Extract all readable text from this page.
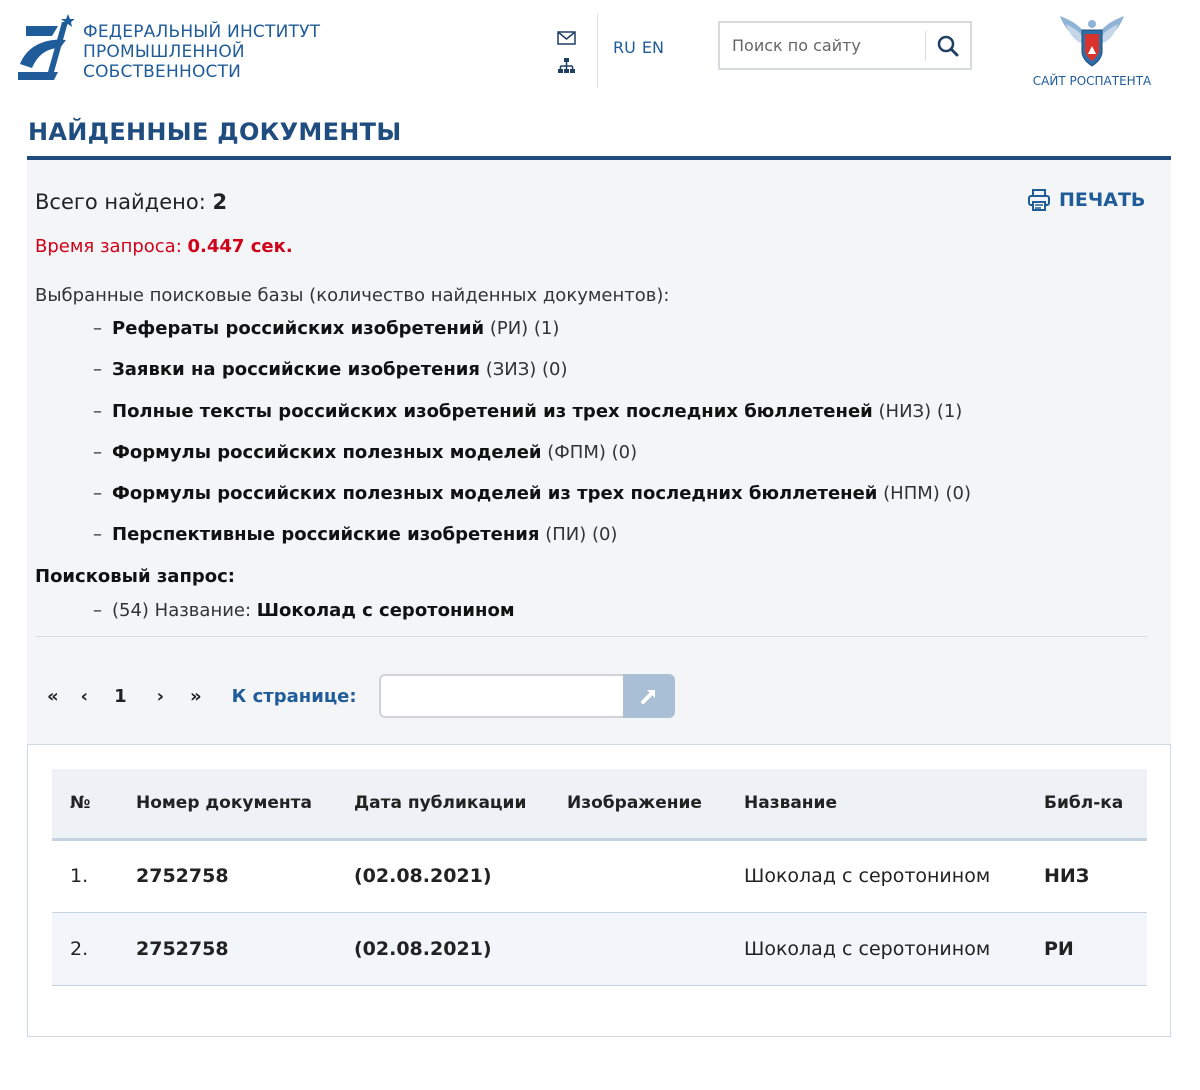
ФЕДЕРАЛЬНЫЙ ИНСТИТУТ
ПРОМЫШЛЕННОЙ
СОБСТВЕННОСТИ
RU EN
Поиск по сайту
САЙТ РОСПАТЕНТА
НАЙДЕННЫЕ ДОКУМЕНТЫ
Всего найдено: 2	ПЕЧАТЬ
Время запроса: 0.447 сек.
Выбранные поисковые базы (количество найденных документов):
– Рефераты российских изобретений (РИ) (1)
– Заявки на российские изобретения (ЗИЗ) (0)
– Полные тексты российских изобретений из трех последних бюллетеней (НИЗ) (1)
– Формулы российских полезных моделей (ФПМ) (0)
– Формулы российских полезных моделей из трех последних бюллетеней (НПМ) (0)
– Перспективные российские изобретения (ПИ) (0)
Поисковый запрос:
– (54) Название: Шоколад с серотонином
« ‹ 1 › » К странице:
№	Номер документа	Дата публикации	Изображение	Название	Библ-ка
1.	2752758	(02.08.2021)		Шоколад с серотонином	НИЗ
2.	2752758	(02.08.2021)		Шоколад с серотонином	РИ
